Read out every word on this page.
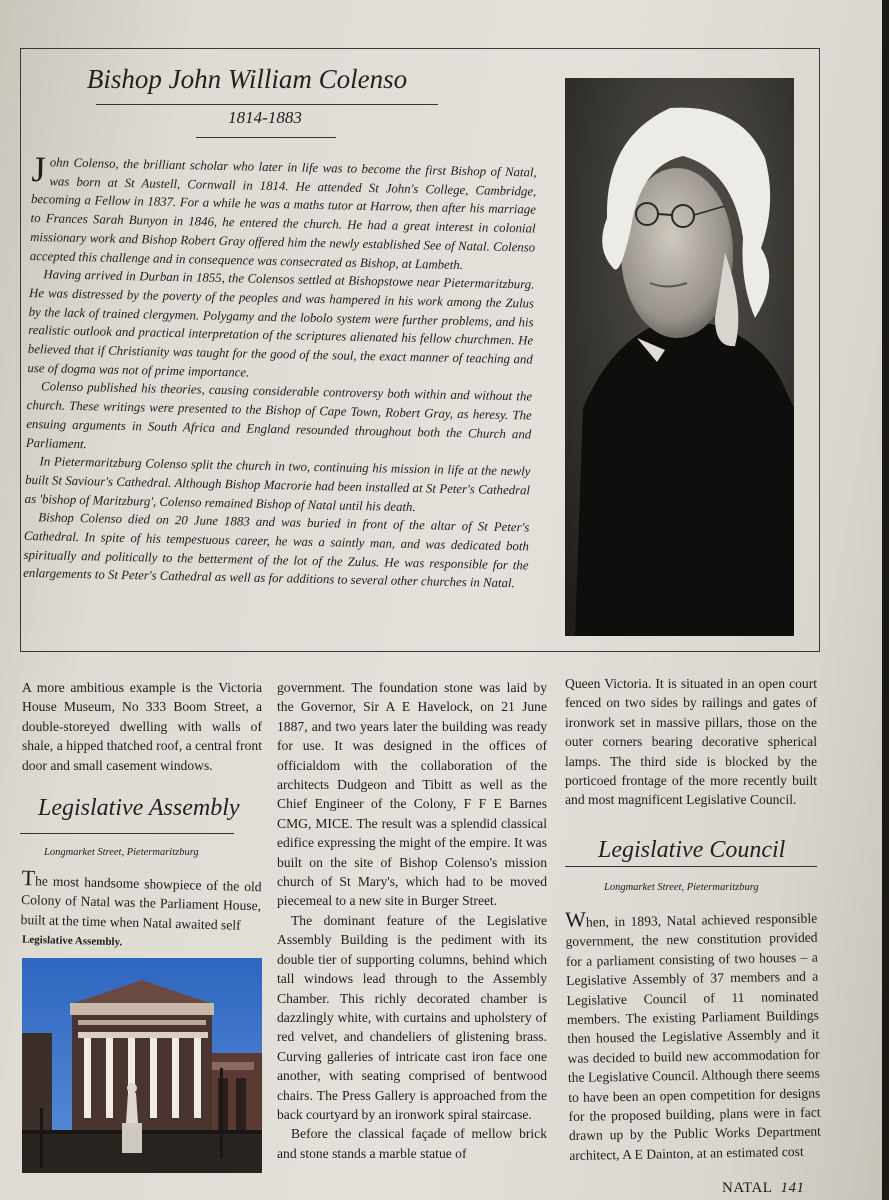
Bishop John William Colenso
1814-1883

John Colenso, the brilliant scholar who later in life was to become the first Bishop of Natal, was born at St Austell, Cornwall in 1814. He attended St John's College, Cambridge, becoming a Fellow in 1837. For a while he was a maths tutor at Harrow, then after his marriage to Frances Sarah Bunyon in 1846, he entered the church. He had a great interest in colonial missionary work and Bishop Robert Gray offered him the newly established See of Natal. Colenso accepted this challenge and in consequence was consecrated as Bishop, at Lambeth.

Having arrived in Durban in 1855, the Colensos settled at Bishopstowe near Pietermaritzburg. He was distressed by the poverty of the peoples and was hampered in his work among the Zulus by the lack of trained clergymen. Polygamy and the lobolo system were further problems, and his realistic outlook and practical interpretation of the scriptures alienated his fellow churchmen. He believed that if Christianity was taught for the good of the soul, the exact manner of teaching and use of dogma was not of prime importance.

Colenso published his theories, causing considerable controversy both within and without the church. These writings were presented to the Bishop of Cape Town, Robert Gray, as heresy. The ensuing arguments in South Africa and England resounded throughout both the Church and Parliament.

In Pietermaritzburg Colenso split the church in two, continuing his mission in life at the newly built St Saviour's Cathedral. Although Bishop Macrorie had been installed at St Peter's Cathedral as 'bishop of Maritzburg', Colenso remained Bishop of Natal until his death.

Bishop Colenso died on 20 June 1883 and was buried in front of the altar of St Peter's Cathedral. In spite of his tempestuous career, he was a saintly man, and was dedicated both spiritually and politically to the betterment of the lot of the Zulus. He was responsible for the enlargements to St Peter's Cathedral as well as for additions to several other churches in Natal.

A more ambitious example is the Victoria House Museum, No 333 Boom Street, a double-storeyed dwelling with walls of shale, a hipped thatched roof, a central front door and small casement windows.
Legislative Assembly
Longmarket Street, Pietermaritzburg
The most handsome showpiece of the old Colony of Natal was the Parliament House, built at the time when Natal awaited self
Legislative Assembly.

government. The foundation stone was laid by the Governor, Sir A E Havelock, on 21 June 1887, and two years later the building was ready for use. It was designed in the offices of officialdom with the collaboration of the architects Dudgeon and Tibitt as well as the Chief Engineer of the Colony, F F E Barnes CMG, MICE. The result was a splendid classical edifice expressing the might of the empire. It was built on the site of Bishop Colenso's mission church of St Mary's, which had to be moved piecemeal to a new site in Burger Street.

The dominant feature of the Legislative Assembly Building is the pediment with its double tier of supporting columns, behind which tall windows lead through to the Assembly Chamber. This richly decorated chamber is dazzlingly white, with curtains and upholstery of red velvet, and chandeliers of glistening brass. Curving galleries of intricate cast iron face one another, with seating comprised of bentwood chairs. The Press Gallery is approached from the back courtyard by an ironwork spiral staircase.

Before the classical façade of mellow brick and stone stands a marble statue of

Queen Victoria. It is situated in an open court fenced on two sides by railings and gates of ironwork set in massive pillars, those on the outer corners bearing decorative spherical lamps. The third side is blocked by the porticoed frontage of the more recently built and most magnificent Legislative Council.
Legislative Council
Longmarket Street, Pietermaritzburg
When, in 1893, Natal achieved responsible government, the new constitution provided for a parliament consisting of two houses – a Legislative Assembly of 37 members and a Legislative Council of 11 nominated members. The existing Parliament Buildings then housed the Legislative Assembly and it was decided to build new accommodation for the Legislative Council. Although there seems to have been an open competition for designs for the proposed building, plans were in fact drawn up by the Public Works Department architect, A E Dainton, at an estimated cost
NATAL 141
